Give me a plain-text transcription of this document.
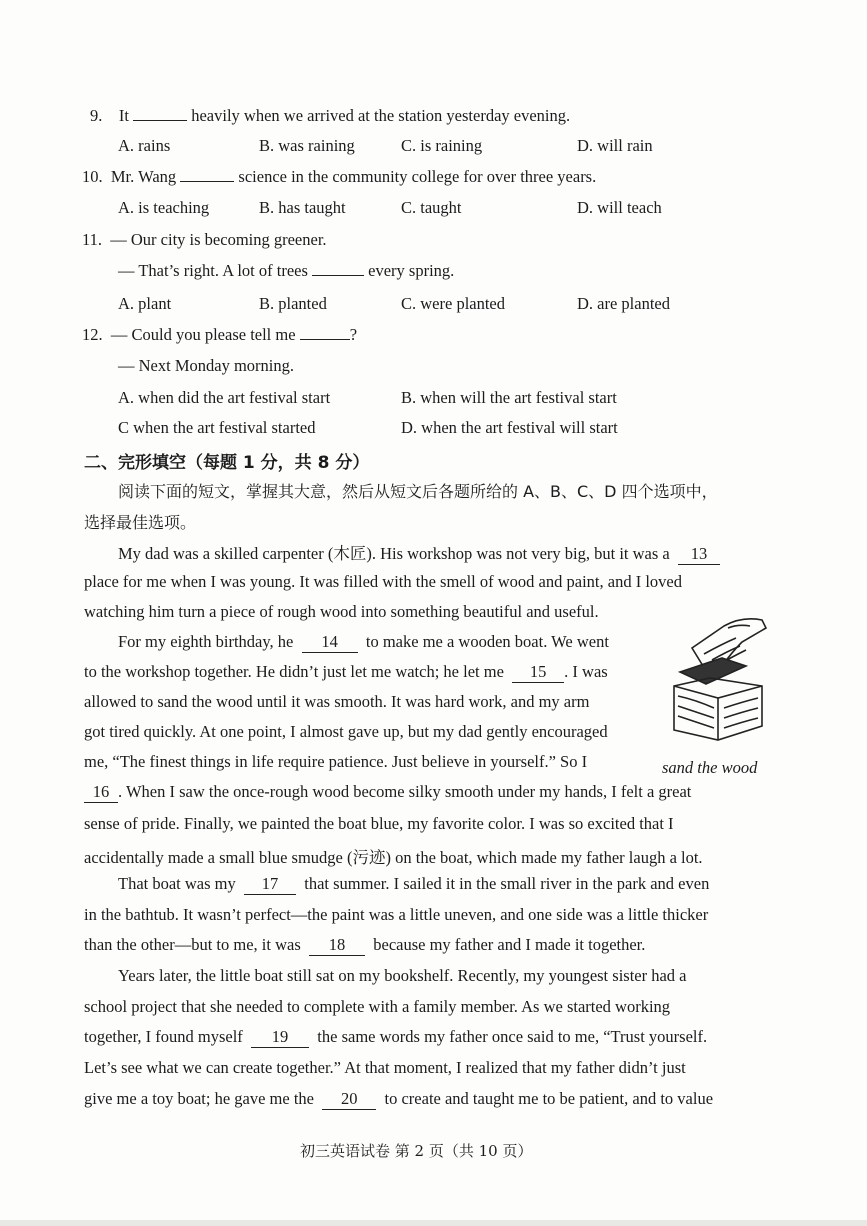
9. It	heavily when we arrived at the station yesterday evening.
A. rains	B. was raining	C. is raining	D. will rain
10. Mr. Wang	science in the community college for over three years.
A. is teaching	B. has taught	C. taught	D. will teach
11. — Our city is becoming greener.
— That’s right. A lot of trees	every spring.
A. plant	B. planted	C. were planted	D. are planted
12. — Could you please tell me	?
— Next Monday morning.
A. when did the art festival start	B. when will the art festival start
C when the art festival started	D. when the art festival will start
二、完形填空（每题 1 分，共 8 分）
阅读下面的短文，掌握其大意，然后从短文后各题所给的 A、B、C、D 四个选项中，
选择最佳选项。
My dad was a skilled carpenter (木匠). His workshop was not very big, but it was a 13
place for me when I was young. It was filled with the smell of wood and paint, and I loved
watching him turn a piece of rough wood into something beautiful and useful.
For my eighth birthday, he 14 to make me a wooden boat. We went
to the workshop together. He didn’t just let me watch; he let me 15 . I was
allowed to sand the wood until it was smooth. It was hard work, and my arm
got tired quickly. At one point, I almost gave up, but my dad gently encouraged
me, “The finest things in life require patience. Just believe in yourself.” So I	sand the wood
16 . When I saw the once-rough wood become silky smooth under my hands, I felt a great
sense of pride. Finally, we painted the boat blue, my favorite color. I was so excited that I
accidentally made a small blue smudge (污迹) on the boat, which made my father laugh a lot.
That boat was my 17 that summer. I sailed it in the small river in the park and even
in the bathtub. It wasn’t perfect—the paint was a little uneven, and one side was a little thicker
than the other—but to me, it was 18 because my father and I made it together.
Years later, the little boat still sat on my bookshelf. Recently, my youngest sister had a
school project that she needed to complete with a family member. As we started working
together, I found myself 19 the same words my father once said to me, “Trust yourself.
Let’s see what we can create together.” At that moment, I realized that my father didn’t just
give me a toy boat; he gave me the 20 to create and taught me to be patient, and to value
初三英语试卷 第 2 页（共 10 页）
